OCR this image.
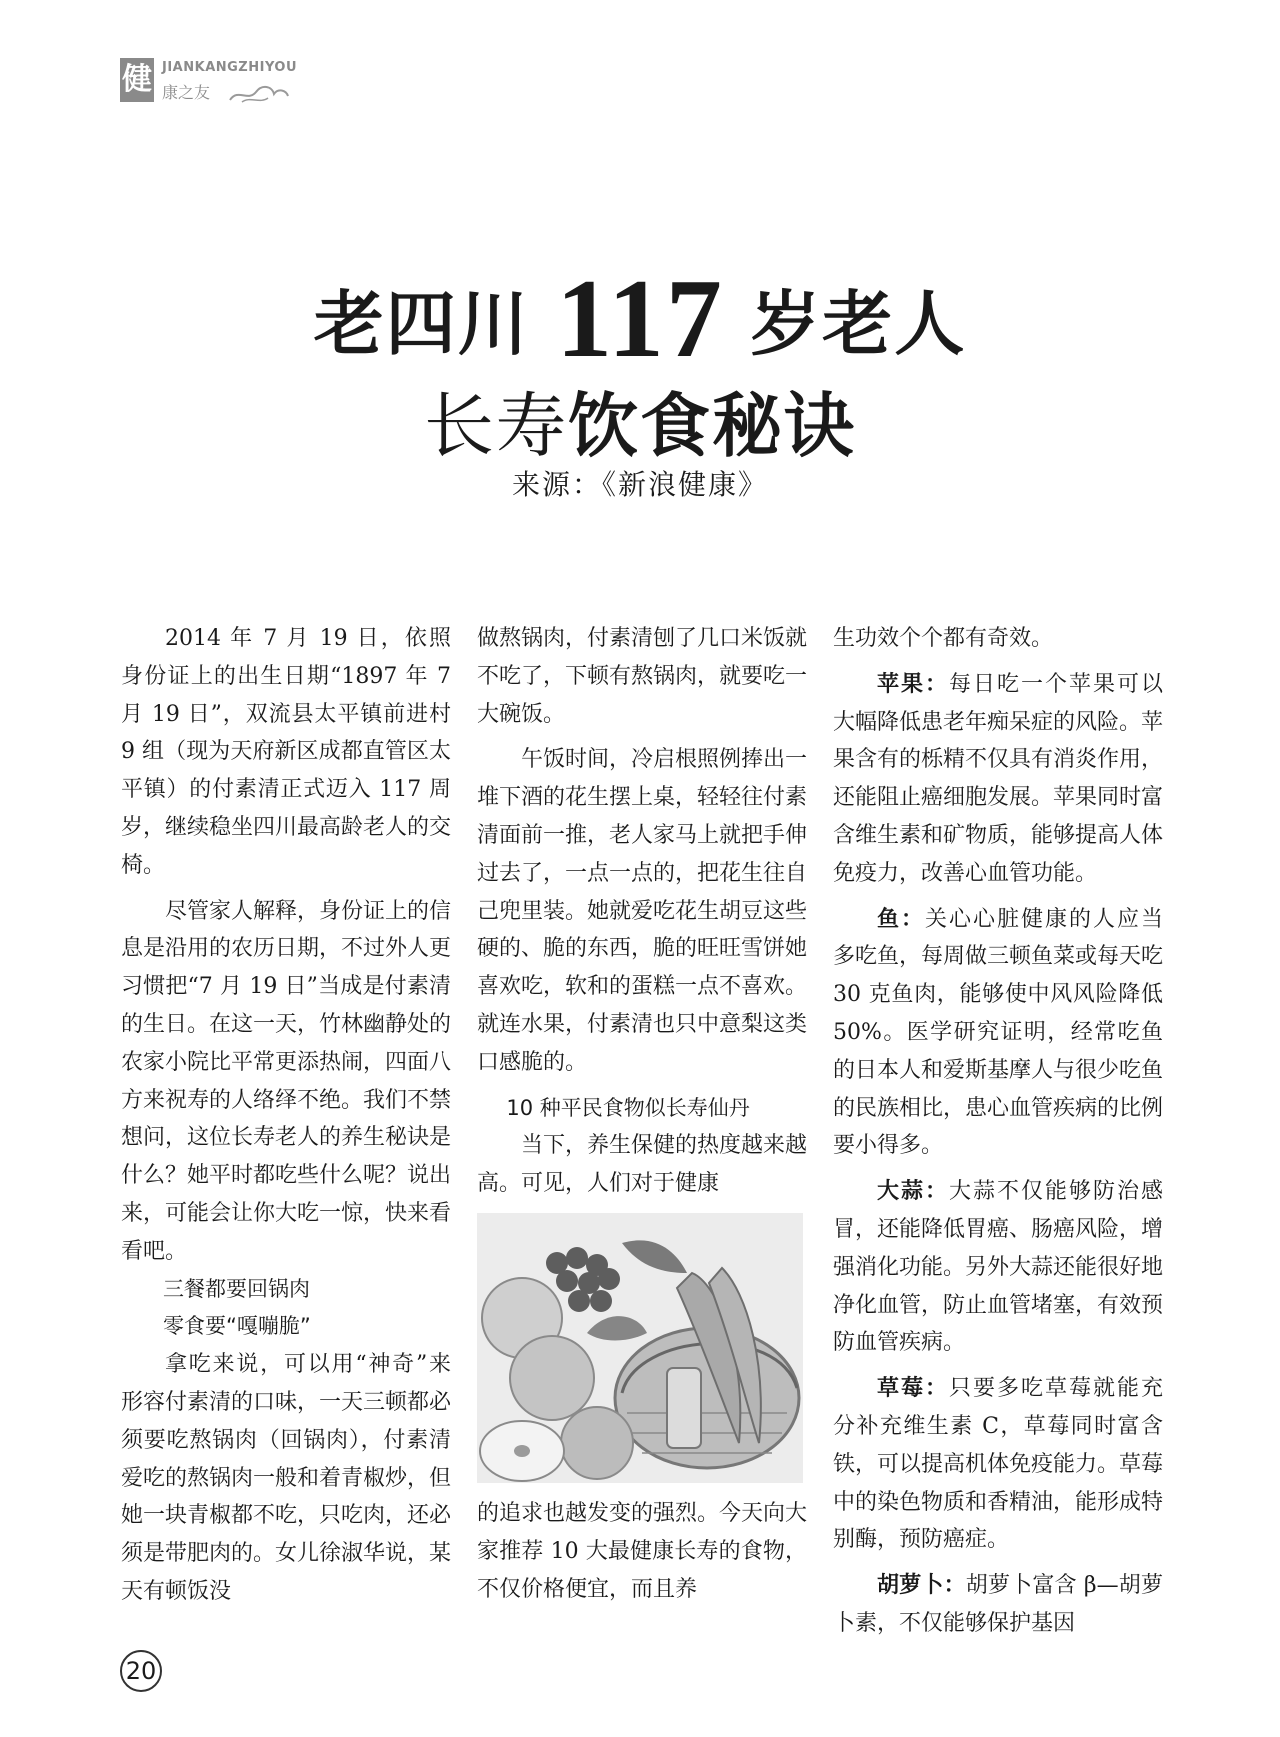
健 JIANKANGZHIYOU
康之友
老四川 117 岁老人
长寿饮食秘诀
来源：《新浪健康》

2014 年 7 月 19 日，依照身份证上的出生日期“1897 年 7 月 19 日”，双流县太平镇前进村 9 组（现为天府新区成都直管区太平镇）的付素清正式迈入 117 周岁，继续稳坐四川最高龄老人的交椅。

尽管家人解释，身份证上的信息是沿用的农历日期，不过外人更习惯把“7 月 19 日”当成是付素清的生日。在这一天，竹林幽静处的农家小院比平常更添热闹，四面八方来祝寿的人络绎不绝。我们不禁想问，这位长寿老人的养生秘诀是什么？她平时都吃些什么呢？说出来，可能会让你大吃一惊，快来看看吧。

三餐都要回锅肉

零食要“嘎嘣脆”

拿吃来说，可以用“神奇”来形容付素清的口味，一天三顿都必须要吃熬锅肉（回锅肉），付素清爱吃的熬锅肉一般和着青椒炒，但她一块青椒都不吃，只吃肉，还必须是带肥肉的。女儿徐淑华说，某天有顿饭没

做熬锅肉，付素清刨了几口米饭就不吃了，下顿有熬锅肉，就要吃一大碗饭。

午饭时间，冷启根照例捧出一堆下酒的花生摆上桌，轻轻往付素清面前一推，老人家马上就把手伸过去了，一点一点的，把花生往自己兜里装。她就爱吃花生胡豆这些硬的、脆的东西，脆的旺旺雪饼她喜欢吃，软和的蛋糕一点不喜欢。就连水果，付素清也只中意梨这类口感脆的。

10 种平民食物似长寿仙丹

当下，养生保健的热度越来越高。可见，人们对于健康

的追求也越发变的强烈。今天向大家推荐 10 大最健康长寿的食物，不仅价格便宜，而且养

生功效个个都有奇效。

苹果：每日吃一个苹果可以大幅降低患老年痴呆症的风险。苹果含有的栎精不仅具有消炎作用，还能阻止癌细胞发展。苹果同时富含维生素和矿物质，能够提高人体免疫力，改善心血管功能。

鱼：关心心脏健康的人应当多吃鱼，每周做三顿鱼菜或每天吃 30 克鱼肉，能够使中风风险降低 50%。医学研究证明，经常吃鱼的日本人和爱斯基摩人与很少吃鱼的民族相比，患心血管疾病的比例要小得多。

大蒜：大蒜不仅能够防治感冒，还能降低胃癌、肠癌风险，增强消化功能。另外大蒜还能很好地净化血管，防止血管堵塞，有效预防血管疾病。

草莓：只要多吃草莓就能充分补充维生素 C，草莓同时富含铁，可以提高机体免疫能力。草莓中的染色物质和香精油，能形成特别酶，预防癌症。

胡萝卜：胡萝卜富含 β—胡萝卜素，不仅能够保护基因

20
